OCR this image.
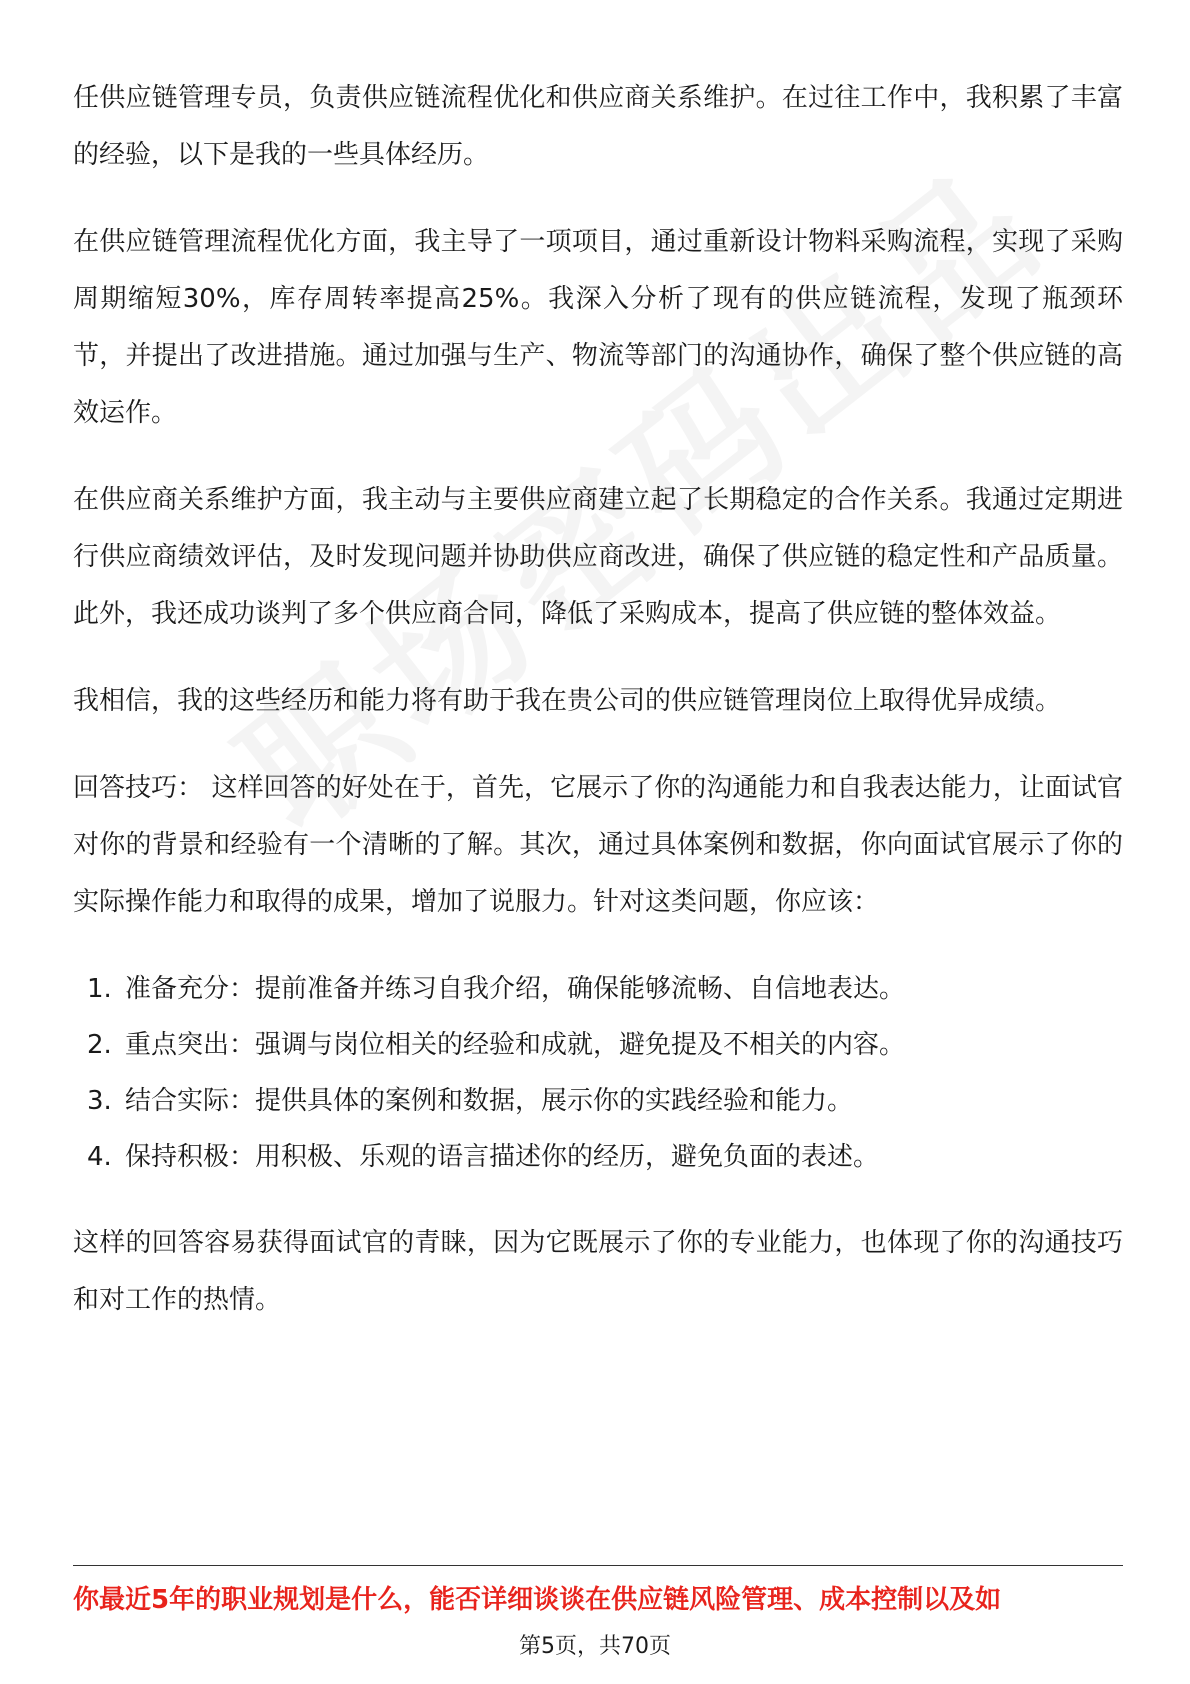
任供应链管理专员，负责供应链流程优化和供应商关系维护。在过往工作中，我积累了丰富的经验，以下是我的一些具体经历。

在供应链管理流程优化方面，我主导了一项项目，通过重新设计物料采购流程，实现了采购周期缩短30%，库存周转率提高25%。我深入分析了现有的供应链流程，发现了瓶颈环节，并提出了改进措施。通过加强与生产、物流等部门的沟通协作，确保了整个供应链的高效运作。

在供应商关系维护方面，我主动与主要供应商建立起了长期稳定的合作关系。我通过定期进行供应商绩效评估，及时发现问题并协助供应商改进，确保了供应链的稳定性和产品质量。此外，我还成功谈判了多个供应商合同，降低了采购成本，提高了供应链的整体效益。

我相信，我的这些经历和能力将有助于我在贵公司的供应链管理岗位上取得优异成绩。

回答技巧： 这样回答的好处在于，首先，它展示了你的沟通能力和自我表达能力，让面试官对你的背景和经验有一个清晰的了解。其次，通过具体案例和数据，你向面试官展示了你的实际操作能力和取得的成果，增加了说服力。针对这类问题，你应该：

1. 准备充分：提前准备并练习自我介绍，确保能够流畅、自信地表达。
2. 重点突出：强调与岗位相关的经验和成就，避免提及不相关的内容。
3. 结合实际：提供具体的案例和数据，展示你的实践经验和能力。
4. 保持积极：用积极、乐观的语言描述你的经历，避免负面的表述。

这样的回答容易获得面试官的青睐，因为它既展示了你的专业能力，也体现了你的沟通技巧和对工作的热情。

你最近5年的职业规划是什么，能否详细谈谈在供应链风险管理、成本控制以及如
第5页，共70页
